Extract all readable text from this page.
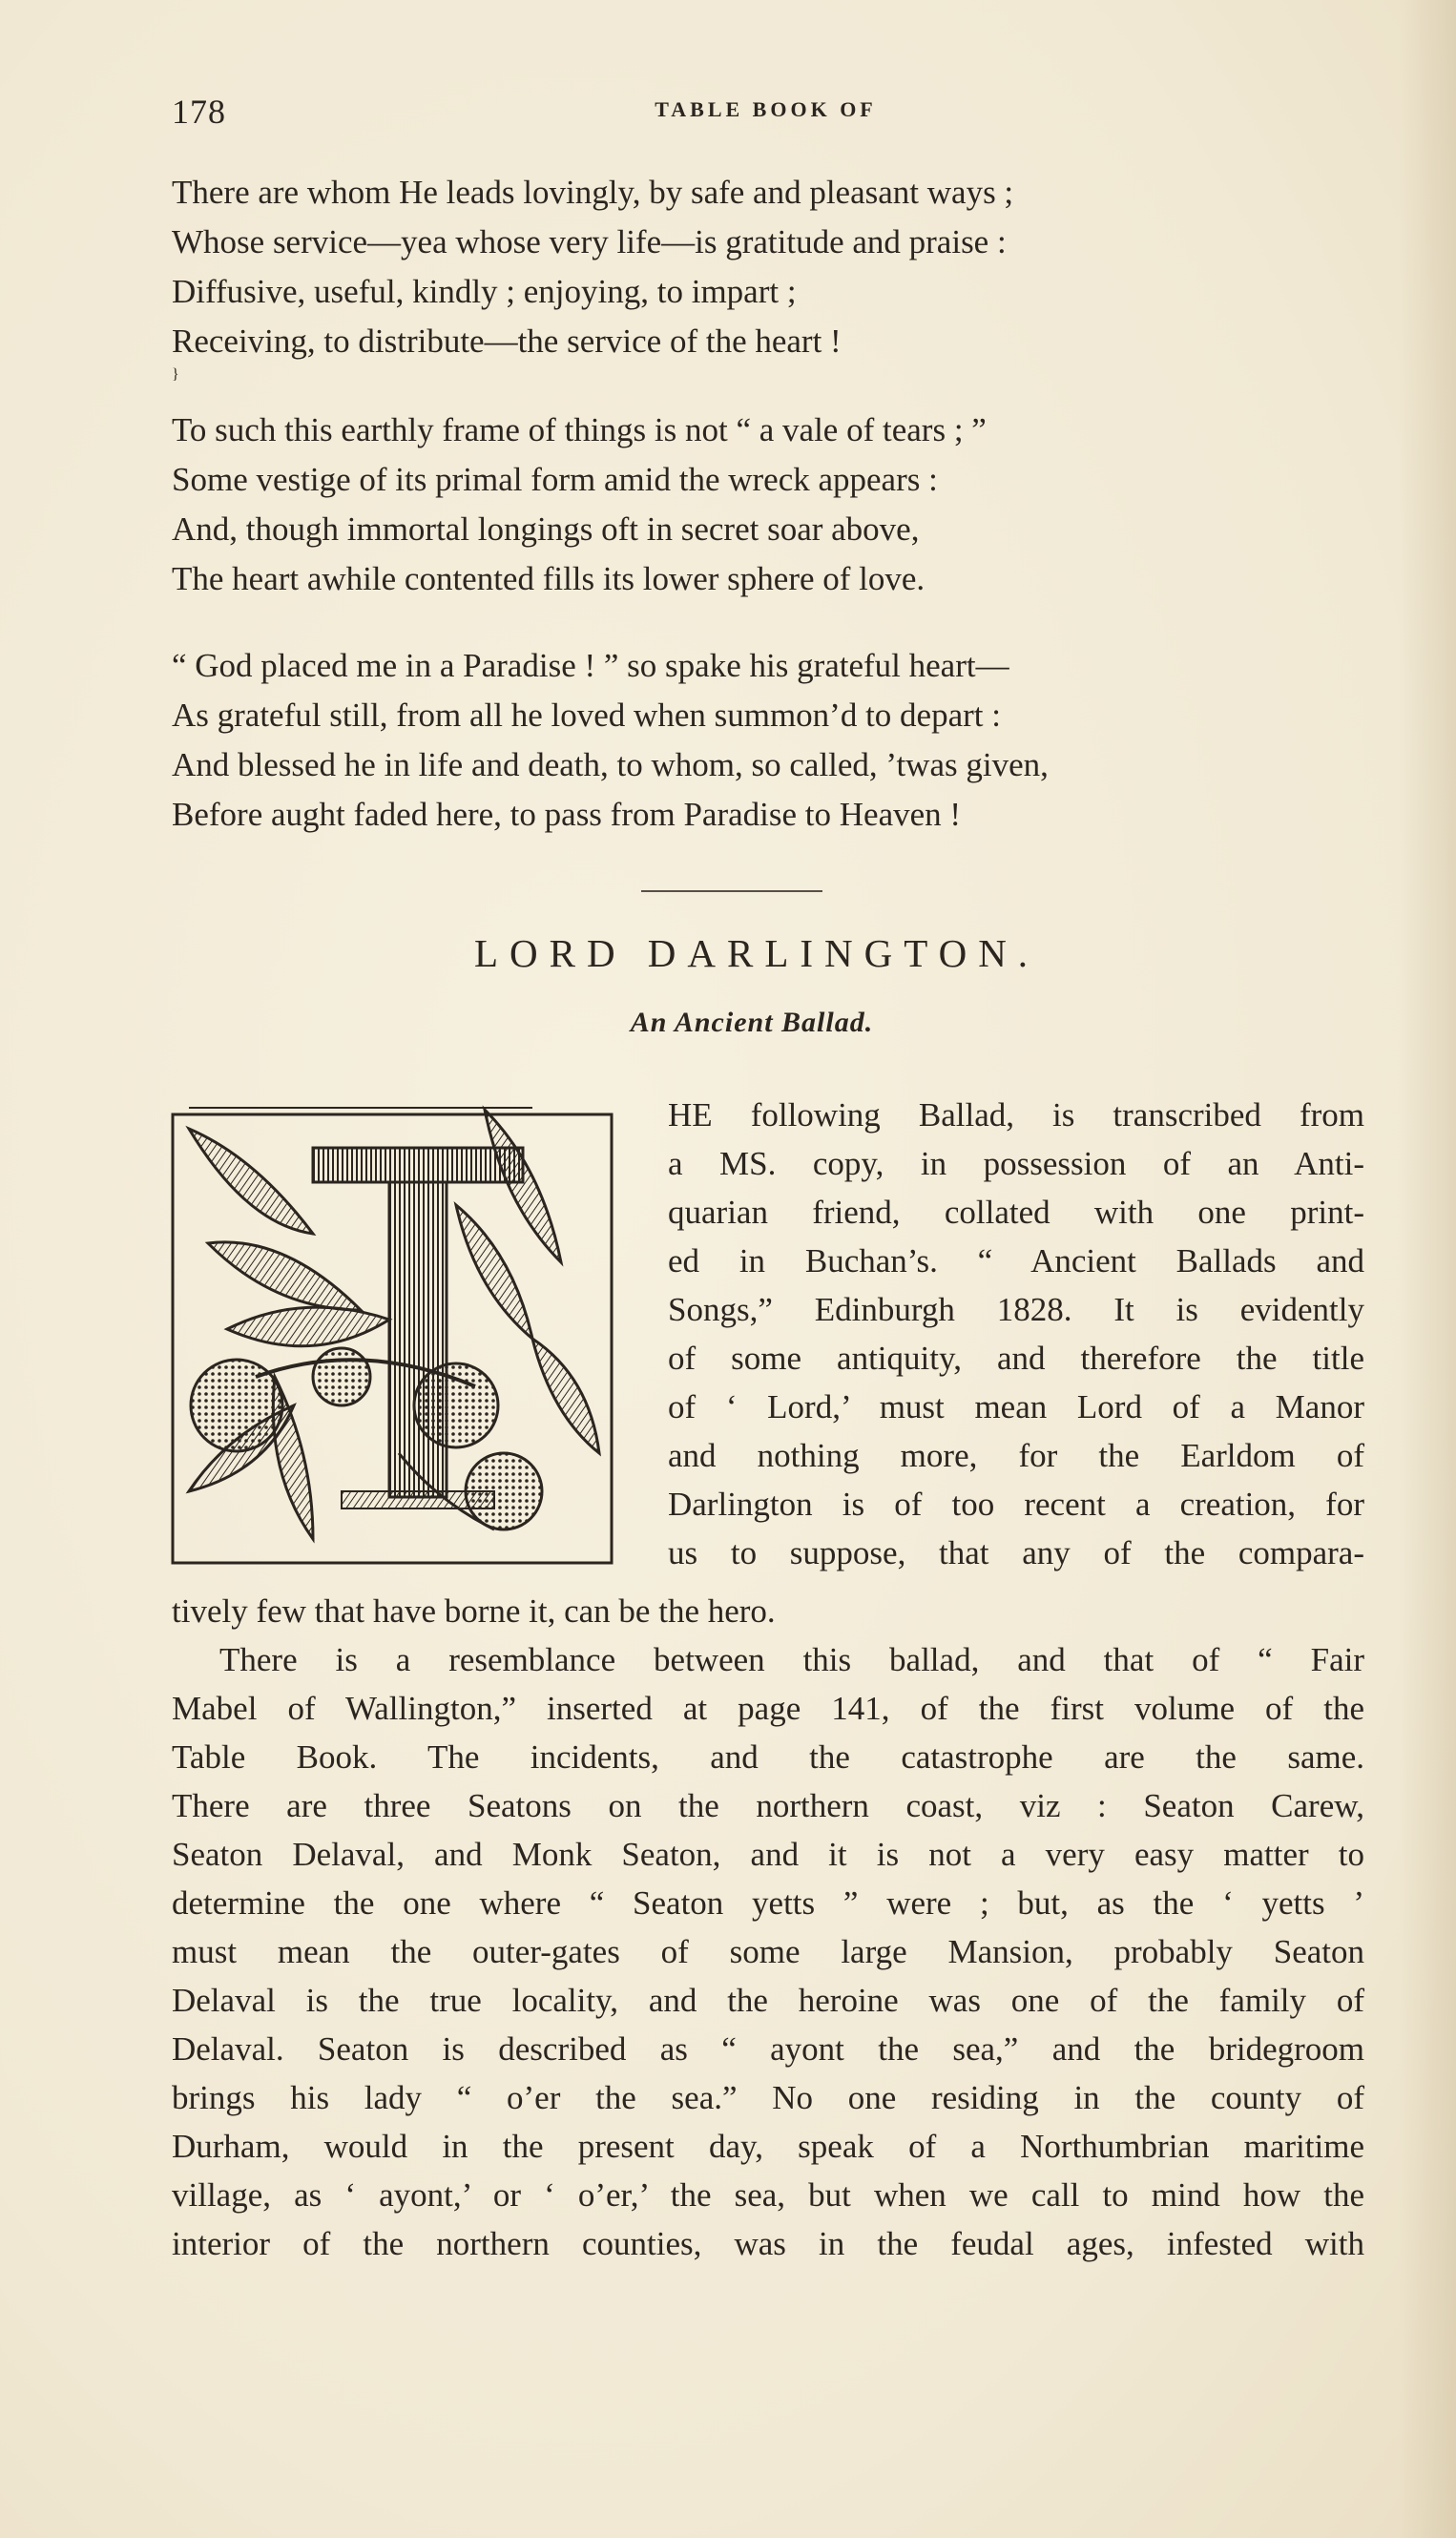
178	TABLE BOOK OF
There are whom He leads lovingly, by safe and pleasant ways ;
Whose service—yea whose very life—is gratitude and praise :
Diffusive, useful, kindly ; enjoying, to impart ;
Receiving, to distribute—the service of the heart !
}
To such this earthly frame of things is not “ a vale of tears ; ”
Some vestige of its primal form amid the wreck appears :
And, though immortal longings oft in secret soar above,
The heart awhile contented fills its lower sphere of love.
“ God placed me in a Paradise ! ” so spake his grateful heart—
As grateful still, from all he loved when summon’d to depart :
And blessed he in life and death, to whom, so called, ’twas given,
Before aught faded here, to pass from Paradise to Heaven !
LORD DARLINGTON.
An Ancient Ballad.
HE following Ballad, is transcribed from
a MS. copy, in possession of an Anti-
quarian friend, collated with one print-
ed in Buchan’s. “ Ancient Ballads and
Songs,” Edinburgh 1828. It is evidently
of some antiquity, and therefore the title
of ‘ Lord,’ must mean Lord of a Manor
and nothing more, for the Earldom of
Darlington is of too recent a creation, for
us to suppose, that any of the compara-
tively few that have borne it, can be the hero.
There is a resemblance between this ballad, and that of “ Fair
Mabel of Wallington,” inserted at page 141, of the first volume of the
Table Book. The incidents, and the catastrophe are the same.
There are three Seatons on the northern coast, viz : Seaton Carew,
Seaton Delaval, and Monk Seaton, and it is not a very easy matter to
determine the one where “ Seaton yetts ” were ; but, as the ‘ yetts ’
must mean the outer-gates of some large Mansion, probably Seaton
Delaval is the true locality, and the heroine was one of the family of
Delaval. Seaton is described as “ ayont the sea,” and the bridegroom
brings his lady “ o’er the sea.” No one residing in the county of
Durham, would in the present day, speak of a Northumbrian maritime
village, as ‘ ayont,’ or ‘ o’er,’ the sea, but when we call to mind how the
interior of the northern counties, was in the feudal ages, infested with
